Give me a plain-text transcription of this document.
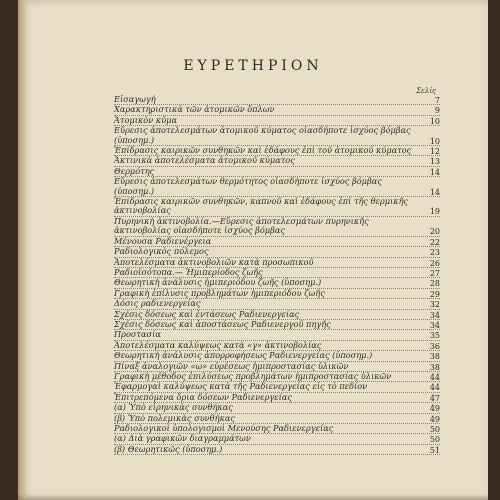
ΕΥΡΕΤΗΡΙΟΝ
Σελίς
Εἰσαγωγή	7
Χαρακτηριστικὰ τῶν ἀτομικῶν ὅπλων	9
Ἀτομικὸν κῦμα	10
Εὕρεσις ἀποτελεσμάτων ἀτομικοῦ κύματος οἱασδήποτε ἰσχύος βόμβας (ὑποσημ.)	10
Ἐπίδρασις καιρικῶν συνθηκῶν καὶ ἐδάφους ἐπὶ τοῦ ἀτομικοῦ κύματος	12
Ἀκτινικὰ ἀποτελέσματα ἀτομικοῦ κύματος	13
Θερμότης	14
Εὕρεσις ἀποτελεσμάτων θερμότητος οἱασδήποτε ἰσχύος βόμβας (ὑποσημ.)	14
Ἐπίδρασις καιρικῶν συνθηκῶν, καπνοῦ καὶ ἐδάφους ἐπὶ τῆς θερμικῆς ἀκτινοβολίας	19
Πυρηνικὴ ἀκτινοβολία.—Εὕρεσις ἀποτελεσμάτων πυρηνικῆς ἀκτινοβολίας οἱασδήποτε ἰσχύος βόμβας	20
Μένουσα Ραδιενέργεια	22
Ραδιολογικὸς πόλεμος	23
Ἀποτελέσματα ἀκτινοβολιῶν κατὰ προσωπικοῦ	26
Ραδιοϊσότοπα.— Ἡμιπερίοδος ζωῆς	27
Θεωρητικὴ ἀνάλυσις ἡμιπεριόδου ζωῆς (ὑποσημ.)	28
Γραφικὴ ἐπίλυσις προβλημάτων ἡμιπεριόδου ζωῆς	29
Δόσις ραδιενεργείας	32
Σχέσις δόσεως καὶ ἐντάσεως Ραδιενεργείας	34
Σχέσις δόσεως καὶ ἀποστάσεως Ραδιενεργοῦ πηγῆς	34
Προστασία	35
Ἀποτελέσματα καλύψεως κατὰ «γ» ἀκτινοβολίας	36
Θεωρητικὴ ἀνάλυσις ἀπορροφήσεως Ραδιενεργείας (ὑποσημ.)	38
Πίναξ ἀναλογιῶν «ω» εὑρέσεως ἡμιπροστασίας ὑλικῶν	38
Γραφικὴ μέθοδος ἐπιλύσεως προβλημάτων ἡμιπροστασίας ὑλικῶν	44
Ἐφαρμογαὶ καλύψεως κατὰ τῆς Ραδιενεργείας εἰς τὸ πεδίον	44
Ἐπιτρεπόμενα ὅρια δόσεων Ραδιενεργείας	47
(α) Ὑπὸ εἰρηνικὰς συνθήκας	49
(β) Ὑπὸ πολεμικὰς συνθήκας	49
Ραδιολογικοὶ ὑπολογισμοὶ Μενούσης Ραδιενεργείας	50
(α) Διὰ γραφικῶν διαγραμμάτων	50
(β) Θεωρητικῶς (ὑποσημ.)	51
